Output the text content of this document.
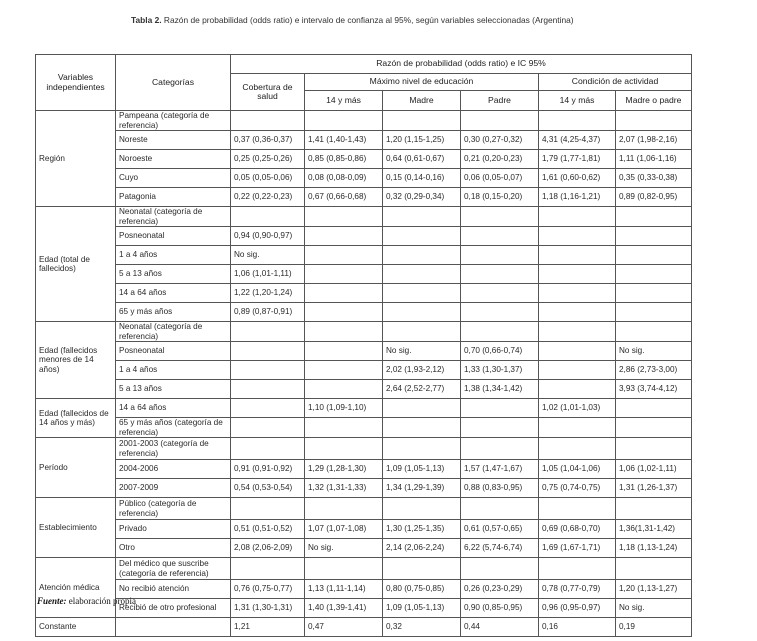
Tabla 2. Razón de probabilidad (odds ratio) e intervalo de confianza al 95%, según variables seleccionadas (Argentina)
Variables independientes	Categorías	Razón de probabilidad (odds ratio) e IC 95%					
		Cobertura de salud	Máximo nivel de educación			Condición de actividad	
			14 y más	Madre	Padre	14 y más	Madre o padre
Región	Pampeana (categoría de referencia)						
	Noreste	0,37 (0,36-0,37)	1,41 (1,40-1,43)	1,20 (1,15-1,25)	0,30 (0,27-0,32)	4,31 (4,25-4,37)	2,07 (1,98-2,16)
	Noroeste	0,25 (0,25-0,26)	0,85 (0,85-0,86)	0,64 (0,61-0,67)	0,21 (0,20-0,23)	1,79 (1,77-1,81)	1,11 (1,06-1,16)
	Cuyo	0,05 (0,05-0,06)	0,08 (0,08-0,09)	0,15 (0,14-0,16)	0,06 (0,05-0,07)	1,61 (0,60-0,62)	0,35 (0,33-0,38)
	Patagonia	0,22 (0,22-0,23)	0,67 (0,66-0,68)	0,32 (0,29-0,34)	0,18 (0,15-0,20)	1,18 (1,16-1,21)	0,89 (0,82-0,95)
Edad (total de fallecidos)	Neonatal (categoría de referencia)						
	Posneonatal	0,94 (0,90-0,97)					
	1 a 4 años	No sig.					
	5 a 13 años	1,06 (1,01-1,11)					
	14 a 64 años	1,22 (1,20-1,24)					
	65 y más años	0,89 (0,87-0,91)					
Edad (fallecidos menores de 14 años)	Neonatal (categoría de referencia)						
	Posneonatal			No sig.	0,70 (0,66-0,74)		No sig.
	1 a 4 años			2,02 (1,93-2,12)	1,33 (1,30-1,37)		2,86 (2,73-3,00)
	5 a 13 años			2,64 (2,52-2,77)	1,38 (1,34-1,42)		3,93 (3,74-4,12)
Edad (fallecidos de 14 años y más)	14 a 64 años		1,10 (1,09-1,10)			1,02 (1,01-1,03)	
	65 y más años (categoría de referencia)						
Período	2001-2003 (categoría de referencia)						
	2004-2006	0,91 (0,91-0,92)	1,29 (1,28-1,30)	1,09 (1,05-1,13)	1,57 (1,47-1,67)	1,05 (1,04-1,06)	1,06 (1,02-1,11)
	2007-2009	0,54 (0,53-0,54)	1,32 (1,31-1,33)	1,34 (1,29-1,39)	0,88 (0,83-0,95)	0,75 (0,74-0,75)	1,31 (1,26-1,37)
Establecimiento	Público (categoría de referencia)						
	Privado	0,51 (0,51-0,52)	1,07 (1,07-1,08)	1,30 (1,25-1,35)	0,61 (0,57-0,65)	0,69 (0,68-0,70)	1,36(1,31-1,42)
	Otro	2,08 (2,06-2,09)	No sig.	2,14 (2,06-2,24)	6,22 (5,74-6,74)	1,69 (1,67-1,71)	1,18 (1,13-1,24)
Atención médica	Del médico que suscribe (categoría de referencia)						
	No recibió atención	0,76 (0,75-0,77)	1,13 (1,11-1,14)	0,80 (0,75-0,85)	0,26 (0,23-0,29)	0,78 (0,77-0,79)	1,20 (1,13-1,27)
	Recibió de otro profesional	1,31 (1,30-1,31)	1,40 (1,39-1,41)	1,09 (1,05-1,13)	0,90 (0,85-0,95)	0,96 (0,95-0,97)	No sig.
Constante		1,21	0,47	0,32	0,44	0,16	0,19
Fuente: elaboración propia
